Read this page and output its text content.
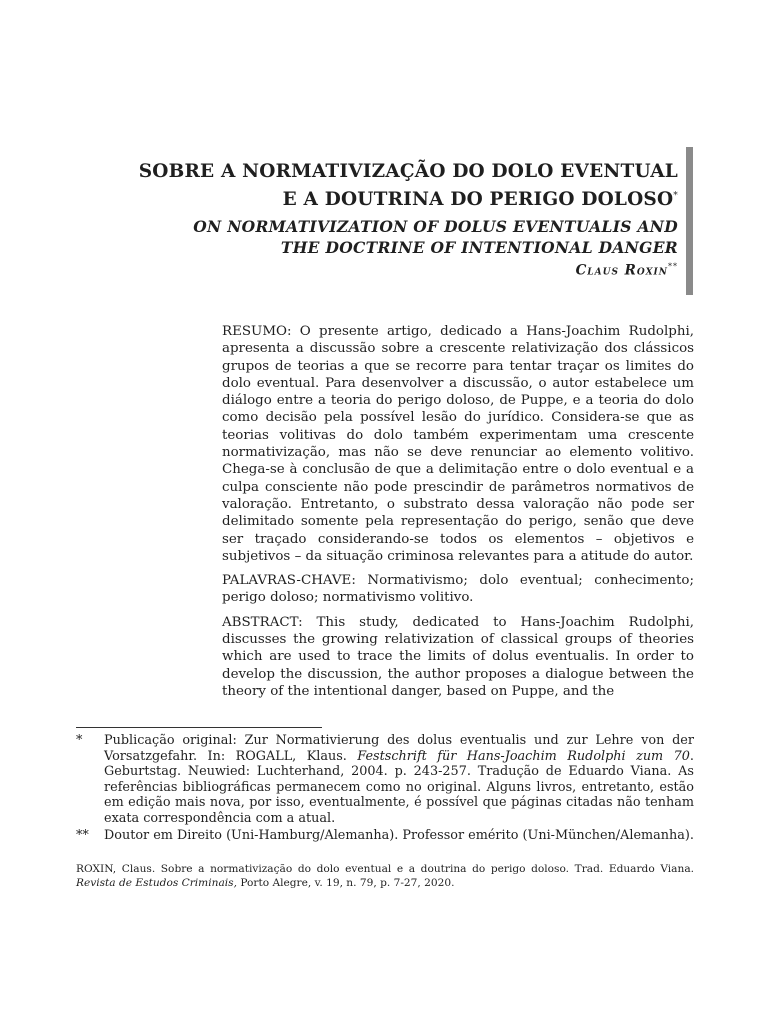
SOBRE A NORMATIVIZAÇÃO DO DOLO EVENTUAL
E A DOUTRINA DO PERIGO DOLOSO*
ON NORMATIVIZATION OF DOLUS EVENTUALIS AND
THE DOCTRINE OF INTENTIONAL DANGER
Claus Roxin**

RESUMO: O presente artigo, dedicado a Hans-Joachim Rudolphi, apresenta a discussão sobre a crescente relativização dos clássicos grupos de teorias a que se recorre para tentar traçar os limites do dolo eventual. Para desenvolver a discussão, o autor estabelece um diálogo entre a teoria do perigo doloso, de Puppe, e a teoria do dolo como decisão pela possível lesão do jurídico. Considera-se que as teorias volitivas do dolo também experimentam uma crescente normativização, mas não se deve renunciar ao elemento volitivo. Chega-se à conclusão de que a delimitação entre o dolo eventual e a culpa consciente não pode prescindir de parâmetros normativos de valoração. Entretanto, o substrato dessa valoração não pode ser delimitado somente pela representação do perigo, senão que deve ser traçado considerando-se todos os elementos – objetivos e subjetivos – da situação criminosa relevantes para a atitude do autor.

PALAVRAS-CHAVE: Normativismo; dolo eventual; conhecimento; perigo doloso; normativismo volitivo.

ABSTRACT: This study, dedicated to Hans-Joachim Rudolphi, discusses the growing relativization of classical groups of theories which are used to trace the limits of dolus eventualis. In order to develop the discussion, the author proposes a dialogue between the theory of the intentional danger, based on Puppe, and the

*	Publicação original: Zur Normativierung des dolus eventualis und zur Lehre von der Vorsatzgefahr. In: ROGALL, Klaus. Festschrift für Hans-Joachim Rudolphi zum 70. Geburtstag. Neuwied: Luchterhand, 2004. p. 243-257. Tradução de Eduardo Viana. As referências bibliográficas permanecem como no original. Alguns livros, entretanto, estão em edição mais nova, por isso, eventualmente, é possível que páginas citadas não tenham exata correspondência com a atual.
**	Doutor em Direito (Uni-Hamburg/Alemanha). Professor emérito (Uni-München/Alemanha).
ROXIN, Claus. Sobre a normativização do dolo eventual e a doutrina do perigo doloso. Trad. Eduardo Viana. Revista de Estudos Criminais, Porto Alegre, v. 19, n. 79, p. 7-27, 2020.
